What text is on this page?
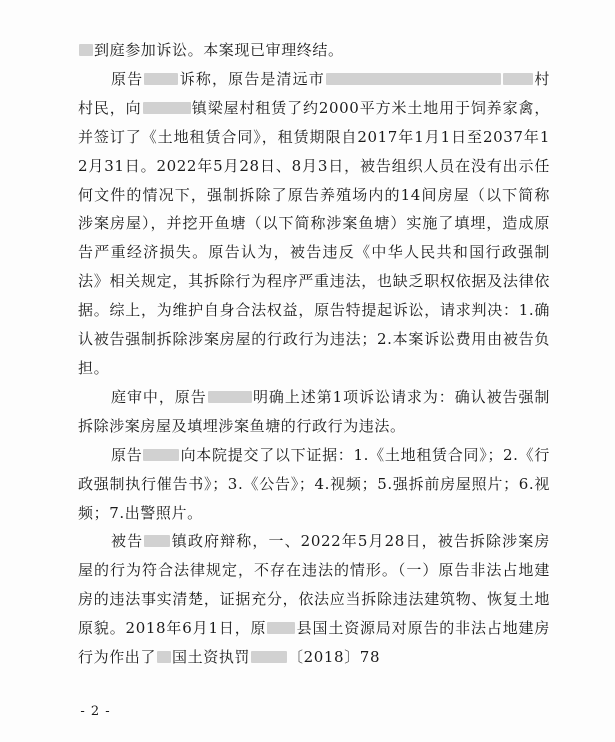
到庭参加诉讼。本案现已审理终结。

原告 诉称，原告是清远市	村村民，向	镇梁屋村租赁了约2000平方米土地用于饲养家禽，并签订了《土地租赁合同》，租赁期限自2017年1月1日至2037年12月31日。2022年5月28日、8月3日，被告组织人员在没有出示任何文件的情况下，强制拆除了原告养殖场内的14间房屋（以下简称涉案房屋），并挖开鱼塘（以下简称涉案鱼塘）实施了填埋，造成原告严重经济损失。原告认为，被告违反《中华人民共和国行政强制法》相关规定，其拆除行为程序严重违法，也缺乏职权依据及法律依据。综上，为维护自身合法权益，原告特提起诉讼，请求判决：1.确认被告强制拆除涉案房屋的行政行为违法；2.本案诉讼费用由被告负担。

庭审中，原告	明确上述第1项诉讼请求为：确认被告强制拆除涉案房屋及填埋涉案鱼塘的行政行为违法。

原告	向本院提交了以下证据：1.《土地租赁合同》；2.《行政强制执行催告书》；3.《公告》；4.视频；5.强拆前房屋照片；6.视频；7.出警照片。

被告 镇政府辩称，一、2022年5月28日，被告拆除涉案房屋的行为符合法律规定，不存在违法的情形。（一）原告非法占地建房的违法事实清楚，证据充分，依法应当拆除违法建筑物、恢复土地原貌。2018年6月1日，原 县国土资源局对原告的非法占地建房行为作出了 国土资执罚	〔2018〕78

- 2 -
